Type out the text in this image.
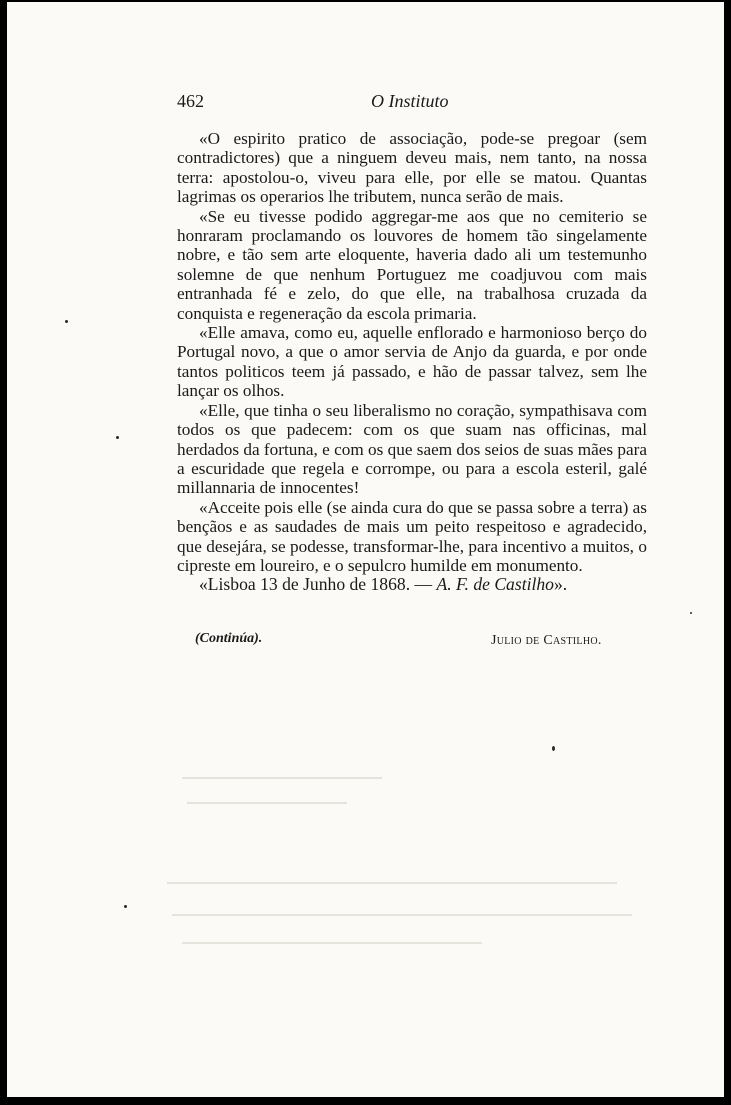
462	O Instituto

«O espirito pratico de associação, pode-se pregoar (sem contradictores) que a ninguem deveu mais, nem tanto, na nossa terra: apostolou-o, viveu para elle, por elle se matou. Quantas lagrimas os operarios lhe tributem, nunca serão de mais.

«Se eu tivesse podido aggregar-me aos que no cemiterio se honraram proclamando os louvores de homem tão singelamente nobre, e tão sem arte eloquente, haveria dado ali um testemunho solemne de que nenhum Portuguez me coadjuvou com mais entranhada fé e zelo, do que elle, na trabalhosa cruzada da conquista e regeneração da escola primaria.

«Elle amava, como eu, aquelle enflorado e harmonioso berço do Portugal novo, a que o amor servia de Anjo da guarda, e por onde tantos politicos teem já passado, e hão de passar talvez, sem lhe lançar os olhos.

«Elle, que tinha o seu liberalismo no coração, sympathisava com todos os que padecem: com os que suam nas officinas, mal herdados da fortuna, e com os que saem dos seios de suas mães para a escuridade que regela e corrompe, ou para a escola esteril, galé millannaria de innocentes!

«Acceite pois elle (se ainda cura do que se passa sobre a terra) as bençãos e as saudades de mais um peito respeitoso e agradecido, que desejára, se podesse, transformar-lhe, para incentivo a muitos, o cipreste em loureiro, e o sepulcro humilde em monumento.

«Lisboa 13 de Junho de 1868. — A. F. de Castilho».

(Continúa).	Julio de Castilho.
